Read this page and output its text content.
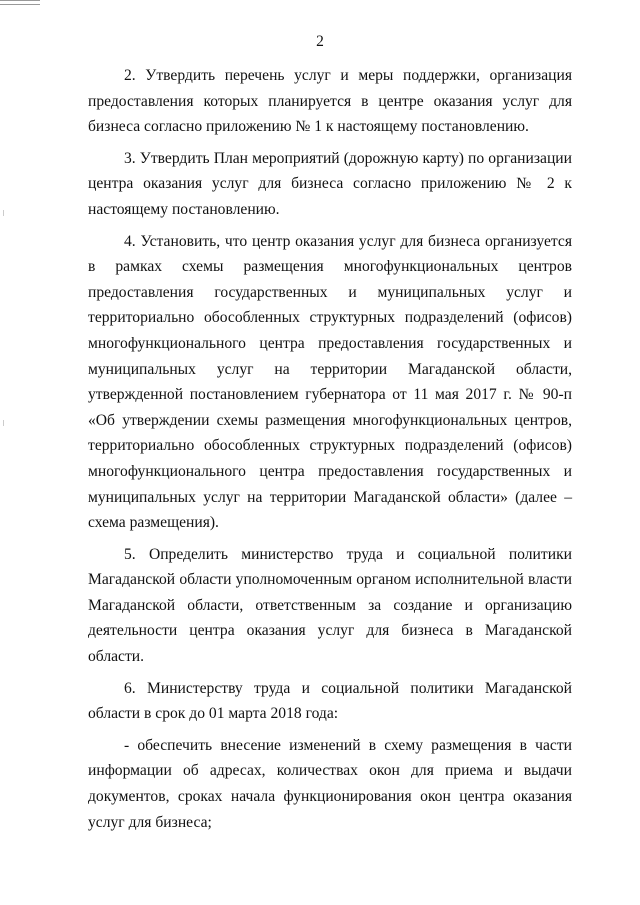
2

2. Утвердить перечень услуг и меры поддержки, организация предоставления которых планируется в центре оказания услуг для бизнеса согласно приложению № 1 к настоящему постановлению.

3. Утвердить План мероприятий (дорожную карту) по организации центра оказания услуг для бизнеса согласно приложению № 2 к настоящему постановлению.

4. Установить, что центр оказания услуг для бизнеса организуется в рамках схемы размещения многофункциональных центров предоставления государственных и муниципальных услуг и территориально обособленных структурных подразделений (офисов) многофункционального центра предоставления государственных и муниципальных услуг на территории Магаданской области, утвержденной постановлением губернатора от 11 мая 2017 г. № 90-п «Об утверждении схемы размещения многофункциональных центров, территориально обособленных структурных подразделений (офисов) многофункционального центра предоставления государственных и муниципальных услуг на территории Магаданской области» (далее – схема размещения).

5. Определить министерство труда и социальной политики Магаданской области уполномоченным органом исполнительной власти Магаданской области, ответственным за создание и организацию деятельности центра оказания услуг для бизнеса в Магаданской области.

6. Министерству труда и социальной политики Магаданской области в срок до 01 марта 2018 года:

- обеспечить внесение изменений в схему размещения в части информации об адресах, количествах окон для приема и выдачи документов, сроках начала функционирования окон центра оказания услуг для бизнеса;
